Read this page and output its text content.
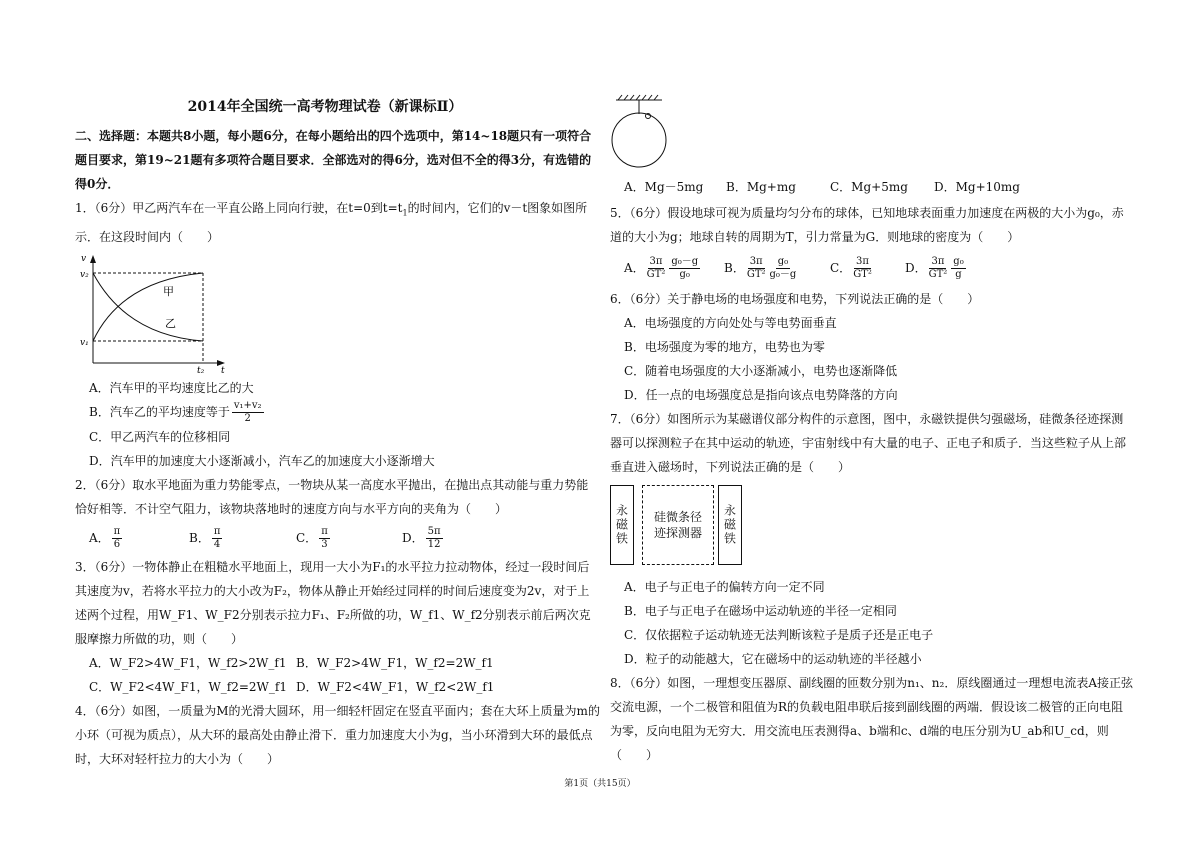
2014年全国统一高考物理试卷（新课标Ⅱ）
二、选择题：本题共8小题，每小题6分，在每小题给出的四个选项中，第14~18题只有一项符合题目要求，第19~21题有多项符合题目要求．全部选对的得6分，选对但不全的得3分，有选错的得0分．
1．（6分）甲乙两汽车在一平直公路上同向行驶，在t=0到$t=t_1$的时间内，它们的v－t图象如图所示．在这段时间内（　　）
v
v₂
v₁
t
t₂
甲
乙
A．汽车甲的平均速度比乙的大
B．汽车乙的平均速度等于 $\frac{\text{v₁+v₂}}{2}$
C．甲乙两汽车的位移相同
D．汽车甲的加速度大小逐渐减小，汽车乙的加速度大小逐渐增大
2．（6分）取水平地面为重力势能零点，一物块从某一高度水平抛出，在抛出点其动能与重力势能恰好相等．不计空气阻力，该物块落地时的速度方向与水平方向的夹角为（　　）
A． $\frac{\pi}{6}$	B． $\frac{\pi}{4}$	C． $\frac{\pi}{3}$	D． $\frac{5\pi}{12}$
3．（6分）一物体静止在粗糙水平地面上，现用一大小为F₁的水平拉力拉动物体，经过一段时间后其速度为v，若将水平拉力的大小改为F₂，物体从静止开始经过同样的时间后速度变为2v，对于上述两个过程，用W_F1、W_F2分别表示拉力F₁、F₂所做的功，W_f1、W_f2分别表示前后两次克服摩擦力所做的功，则（　　）
A．W_F2>4W_F1，W_f2>2W_f1 B．W_F2>4W_F1，W_f2=2W_f1
C．W_F2<4W_F1，W_f2=2W_f1 D．W_F2<4W_F1，W_f2<2W_f1
4．（6分）如图，一质量为M的光滑大圆环，用一细轻杆固定在竖直平面内；套在大环上质量为m的小环（可视为质点），从大环的最高处由静止滑下．重力加速度大小为g，当小环滑到大环的最低点时，大环对轻杆拉力的大小为（　　）
A．Mg－5mg	B．Mg+mg	C．Mg+5mg	D．Mg+10mg
5．（6分）假设地球可视为质量均匀分布的球体，已知地球表面重力加速度在两极的大小为g₀，赤道的大小为g；地球自转的周期为T，引力常量为G．则地球的密度为（　　）
A． $\frac{3\pi}{\text{GT²}} \frac{\text{g₀－g}}{\text{g₀}}$ B． $\frac{3\pi}{\text{GT²}} \frac{\text{g₀}}{\text{g₀－g}}$	C． $\frac{3\pi}{\text{GT²}}$	D． $\frac{3\pi}{\text{GT²}} \frac{\text{g₀}}{g}$
6．（6分）关于静电场的电场强度和电势，下列说法正确的是（　　）
A．电场强度的方向处处与等电势面垂直
B．电场强度为零的地方，电势也为零
C．随着电场强度的大小逐渐减小，电势也逐渐降低
D．任一点的电场强度总是指向该点电势降落的方向
7．（6分）如图所示为某磁谱仪部分构件的示意图，图中，永磁铁提供匀强磁场，硅微条径迹探测器可以探测粒子在其中运动的轨迹，宇宙射线中有大量的电子、正电子和质子．当这些粒子从上部垂直进入磁场时，下列说法正确的是（　　）
永磁铁 硅微条径
迹探测器 永磁铁
A．电子与正电子的偏转方向一定不同
B．电子与正电子在磁场中运动轨迹的半径一定相同
C．仅依据粒子运动轨迹无法判断该粒子是质子还是正电子
D．粒子的动能越大，它在磁场中的运动轨迹的半径越小
8．（6分）如图，一理想变压器原、副线圈的匝数分别为n₁、n₂．原线圈通过一理想电流表A接正弦交流电源，一个二极管和阻值为R的负载电阻串联后接到副线圈的两端．假设该二极管的正向电阻为零，反向电阻为无穷大．用交流电压表测得a、b端和c、d端的电压分别为U_ab和U_cd，则（　　）
第1页（共15页）
